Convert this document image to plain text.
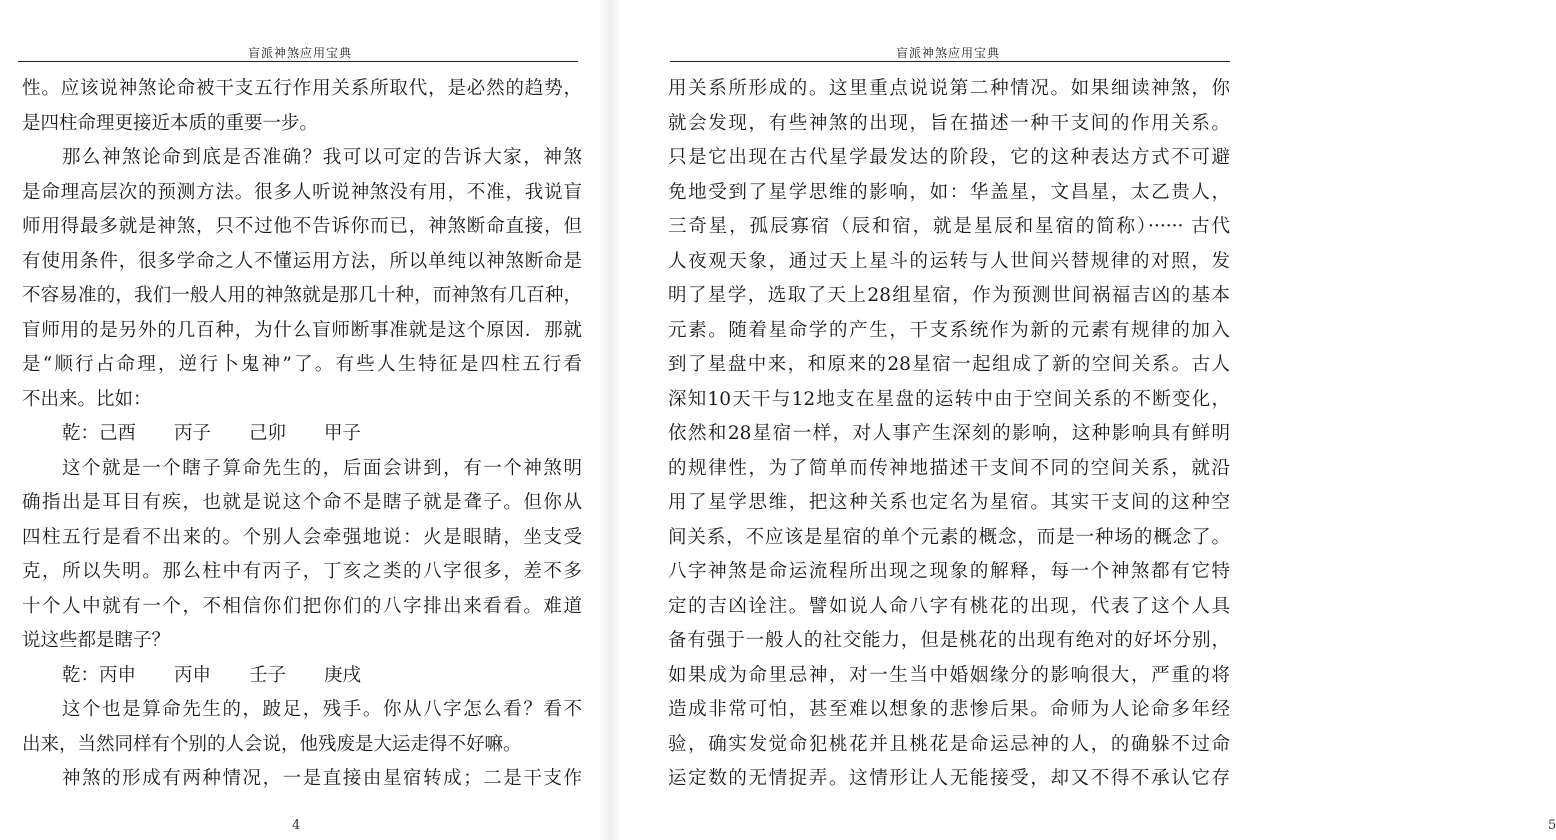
盲派神煞应用宝典
性。应该说神煞论命被干支五行作用关系所取代，是必然的趋势，
是四柱命理更接近本质的重要一步。
那么神煞论命到底是否准确？我可以可定的告诉大家，神煞
是命理高层次的预测方法。很多人听说神煞没有用，不准，我说盲
师用得最多就是神煞，只不过他不告诉你而已，神煞断命直接，但
有使用条件，很多学命之人不懂运用方法，所以单纯以神煞断命是
不容易准的，我们一般人用的神煞就是那几十种，而神煞有几百种，
盲师用的是另外的几百种，为什么盲师断事准就是这个原因．那就
是“顺行占命理，逆行卜鬼神”了。有些人生特征是四柱五行看
不出来。比如：
乾：己酉 丙子 己卯 甲子
这个就是一个瞎子算命先生的，后面会讲到，有一个神煞明
确指出是耳目有疾，也就是说这个命不是瞎子就是聋子。但你从
四柱五行是看不出来的。个别人会牵强地说：火是眼睛，坐支受
克，所以失明。那么柱中有丙子，丁亥之类的八字很多，差不多
十个人中就有一个，不相信你们把你们的八字排出来看看。难道
说这些都是瞎子？
乾：丙申 丙申 壬子 庚戌
这个也是算命先生的，跛足，残手。你从八字怎么看？看不
出来，当然同样有个别的人会说，他残废是大运走得不好嘛。
神煞的形成有两种情况，一是直接由星宿转成；二是干支作
4
盲派神煞应用宝典
用关系所形成的。这里重点说说第二种情况。如果细读神煞，你
就会发现，有些神煞的出现，旨在描述一种干支间的作用关系。
只是它出现在古代星学最发达的阶段，它的这种表达方式不可避
免地受到了星学思维的影响，如：华盖星，文昌星，太乙贵人，
三奇星，孤辰寡宿（辰和宿，就是星辰和星宿的简称）······ 古代
人夜观天象，通过天上星斗的运转与人世间兴替规律的对照，发
明了星学，选取了天上28组星宿，作为预测世间祸福吉凶的基本
元素。随着星命学的产生，干支系统作为新的元素有规律的加入
到了星盘中来，和原来的28星宿一起组成了新的空间关系。古人
深知10天干与12地支在星盘的运转中由于空间关系的不断变化，
依然和28星宿一样，对人事产生深刻的影响，这种影响具有鲜明
的规律性，为了简单而传神地描述干支间不同的空间关系，就沿
用了星学思维，把这种关系也定名为星宿。其实干支间的这种空
间关系，不应该是星宿的单个元素的概念，而是一种场的概念了。
八字神煞是命运流程所出现之现象的解释，每一个神煞都有它特
定的吉凶诠注。譬如说人命八字有桃花的出现，代表了这个人具
备有强于一般人的社交能力，但是桃花的出现有绝对的好坏分别，
如果成为命里忌神，对一生当中婚姻缘分的影响很大，严重的将
造成非常可怕，甚至难以想象的悲惨后果。命师为人论命多年经
验，确实发觉命犯桃花并且桃花是命运忌神的人，的确躲不过命
运定数的无情捉弄。这情形让人无能接受，却又不得不承认它存
5
